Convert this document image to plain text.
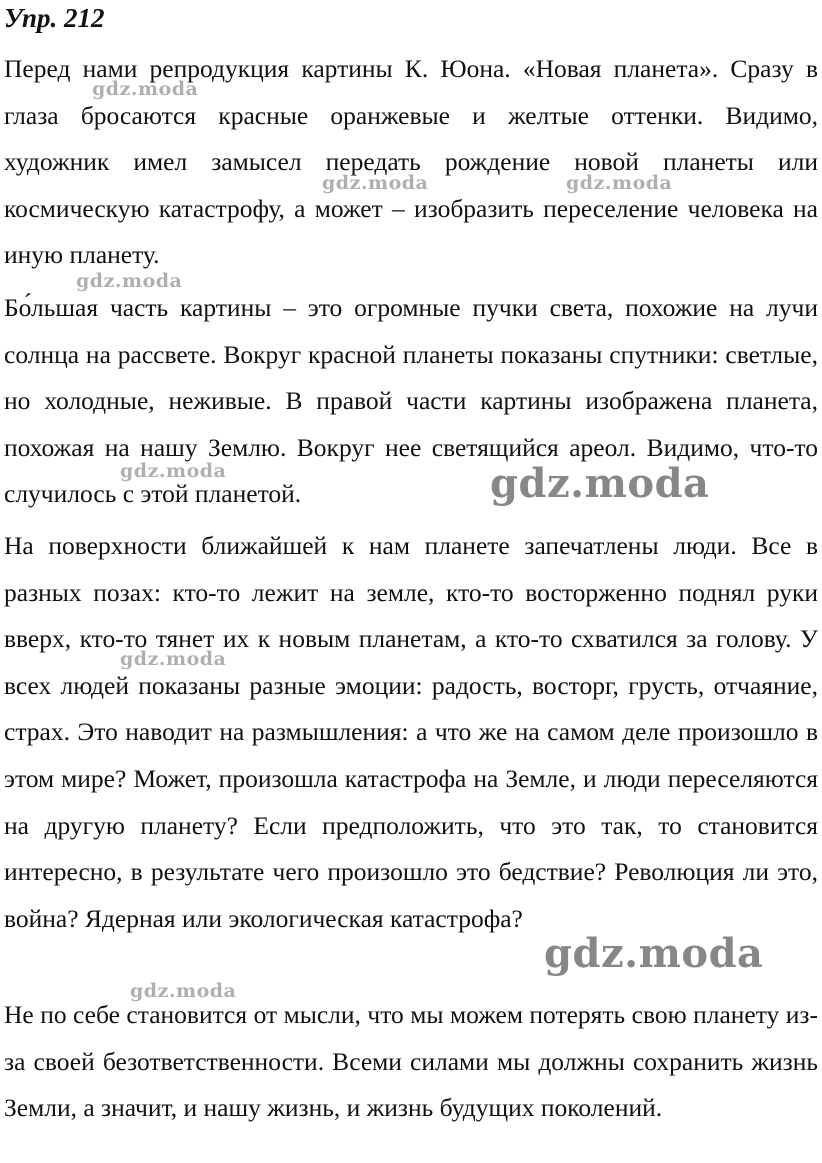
Упр. 212

Перед нами репродукция картины К. Юона. «Новая планета». Сразу в глаза бросаются красные оранжевые и желтые оттенки. Видимо, художник имел замысел передать рождение новой планеты или космическую катастрофу, а может – изобразить переселение человека на иную планету.

Бо́льшая часть картины – это огромные пучки света, похожие на лучи солнца на рассвете. Вокруг красной планеты показаны спутники: светлые, но холодные, неживые. В правой части картины изображена планета, похожая на нашу Землю. Вокруг нее светящийся ареол. Видимо, что-то случилось с этой планетой.

На поверхности ближайшей к нам планете запечатлены люди. Все в разных позах: кто-то лежит на земле, кто-то восторженно поднял руки вверх, кто-то тянет их к новым планетам, а кто-то схватился за голову. У всех людей показаны разные эмоции: радость, восторг, грусть, отчаяние, страх. Это наводит на размышления: а что же на самом деле произошло в этом мире? Может, произошла катастрофа на Земле, и люди переселяются на другую планету? Если предположить, что это так, то становится интересно, в результате чего произошло это бедствие? Революция ли это, война? Ядерная или экологическая катастрофа?

Не по себе становится от мысли, что мы можем потерять свою планету из-за своей безответственности. Всеми силами мы должны сохранить жизнь Земли, а значит, и нашу жизнь, и жизнь будущих поколений.

gdz.moda
gdz.moda	gdz.moda
gdz.moda
gdz.moda	gdz.moda
gdz.moda
gdz.moda
gdz.moda
